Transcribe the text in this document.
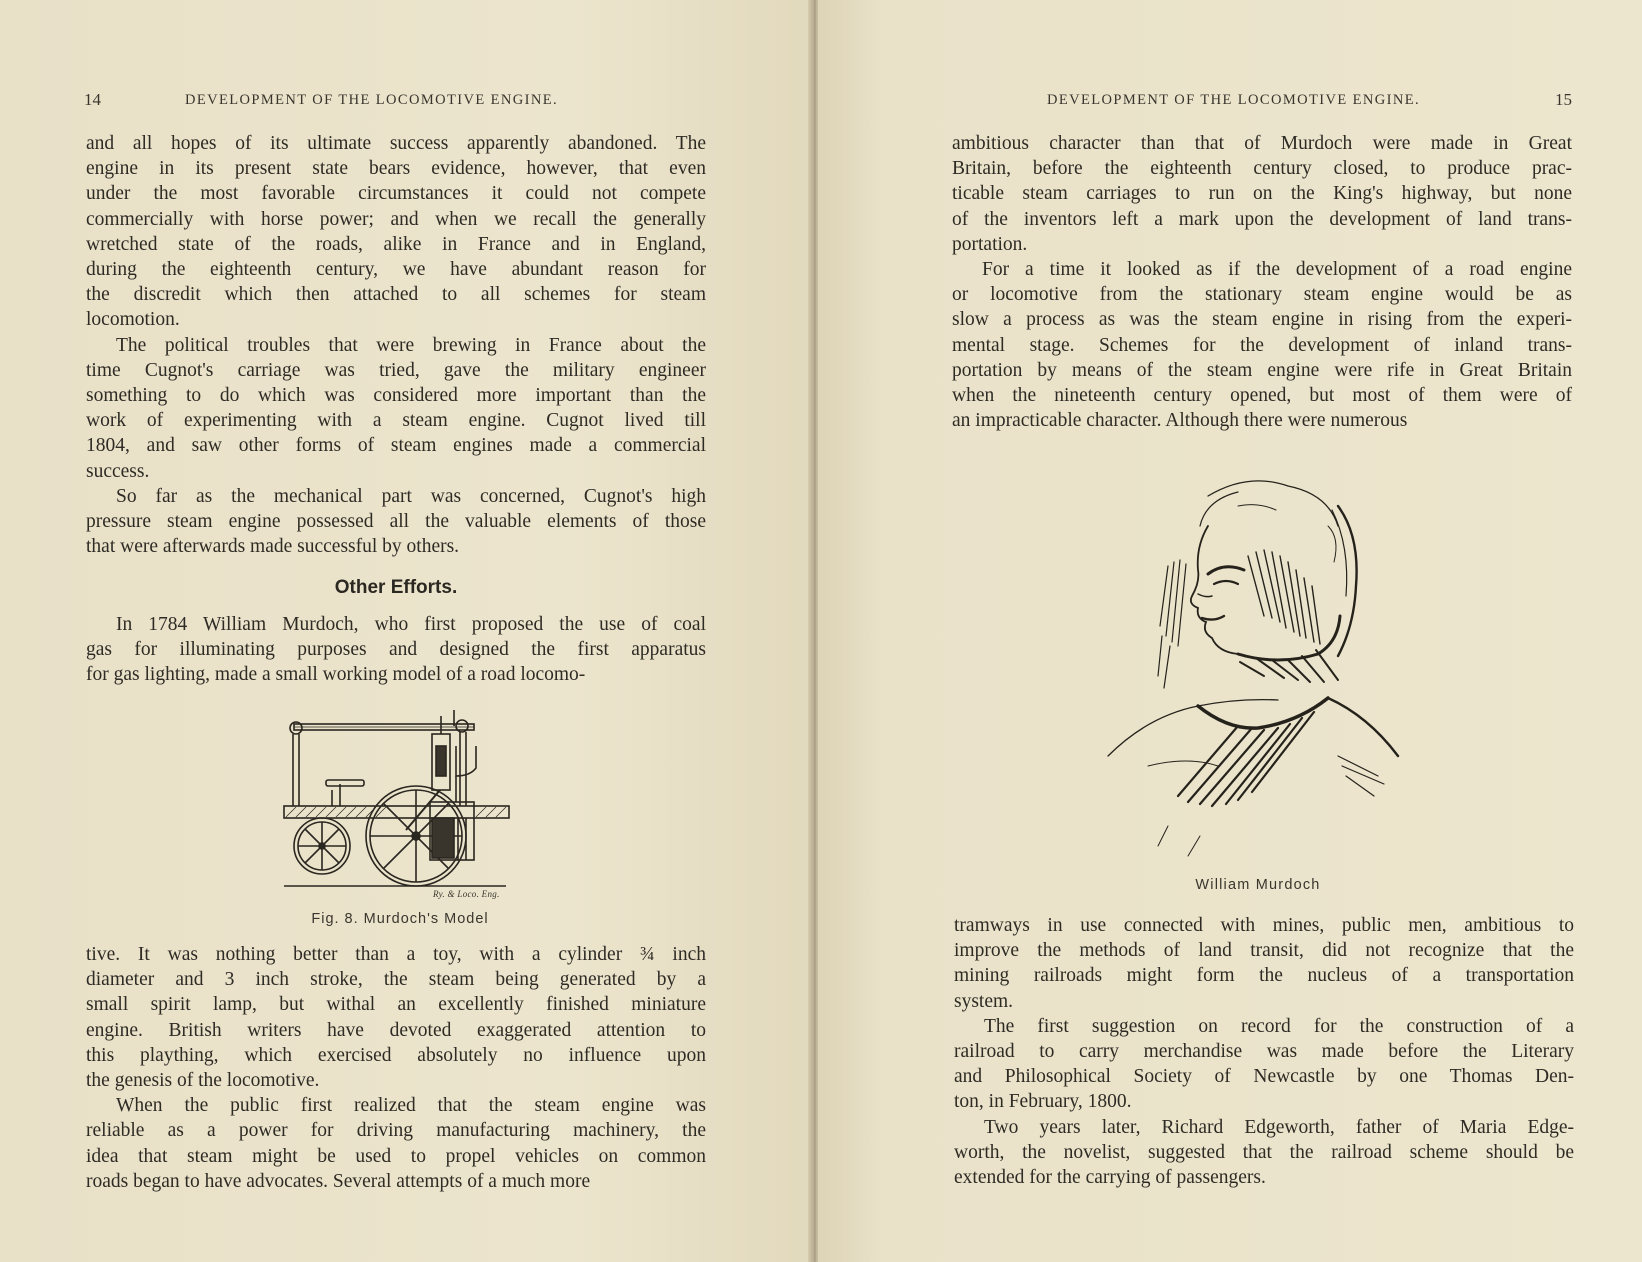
14	DEVELOPMENT OF THE LOCOMOTIVE ENGINE.

and all hopes of its ultimate success apparently abandoned. The
engine in its present state bears evidence, however, that even
under the most favorable circumstances it could not compete
commercially with horse power; and when we recall the generally
wretched state of the roads, alike in France and in England,
during the eighteenth century, we have abundant reason for
the discredit which then attached to all schemes for steam
locomotion.

The political troubles that were brewing in France about the
time Cugnot's carriage was tried, gave the military engineer
something to do which was considered more important than the
work of experimenting with a steam engine. Cugnot lived till
1804, and saw other forms of steam engines made a commercial
success.

So far as the mechanical part was concerned, Cugnot's high
pressure steam engine possessed all the valuable elements of those
that were afterwards made successful by others.

Other Efforts.

In 1784 William Murdoch, who first proposed the use of coal
gas for illuminating purposes and designed the first apparatus
for gas lighting, made a small working model of a road locomo-

Ry. & Loco. Eng.
Fig. 8. Murdoch's Model

tive. It was nothing better than a toy, with a cylinder ¾ inch
diameter and 3 inch stroke, the steam being generated by a
small spirit lamp, but withal an excellently finished miniature
engine. British writers have devoted exaggerated attention to
this plaything, which exercised absolutely no influence upon
the genesis of the locomotive.

When the public first realized that the steam engine was
reliable as a power for driving manufacturing machinery, the
idea that steam might be used to propel vehicles on common
roads began to have advocates. Several attempts of a much more

DEVELOPMENT OF THE LOCOMOTIVE ENGINE.	15

ambitious character than that of Murdoch were made in Great
Britain, before the eighteenth century closed, to produce prac-
ticable steam carriages to run on the King's highway, but none
of the inventors left a mark upon the development of land trans-
portation.

For a time it looked as if the development of a road engine
or locomotive from the stationary steam engine would be as
slow a process as was the steam engine in rising from the experi-
mental stage. Schemes for the development of inland trans-
portation by means of the steam engine were rife in Great Britain
when the nineteenth century opened, but most of them were of
an impracticable character. Although there were numerous

William Murdoch

tramways in use connected with mines, public men, ambitious to
improve the methods of land transit, did not recognize that the
mining railroads might form the nucleus of a transportation
system.

The first suggestion on record for the construction of a
railroad to carry merchandise was made before the Literary
and Philosophical Society of Newcastle by one Thomas Den-
ton, in February, 1800.

Two years later, Richard Edgeworth, father of Maria Edge-
worth, the novelist, suggested that the railroad scheme should be
extended for the carrying of passengers.
